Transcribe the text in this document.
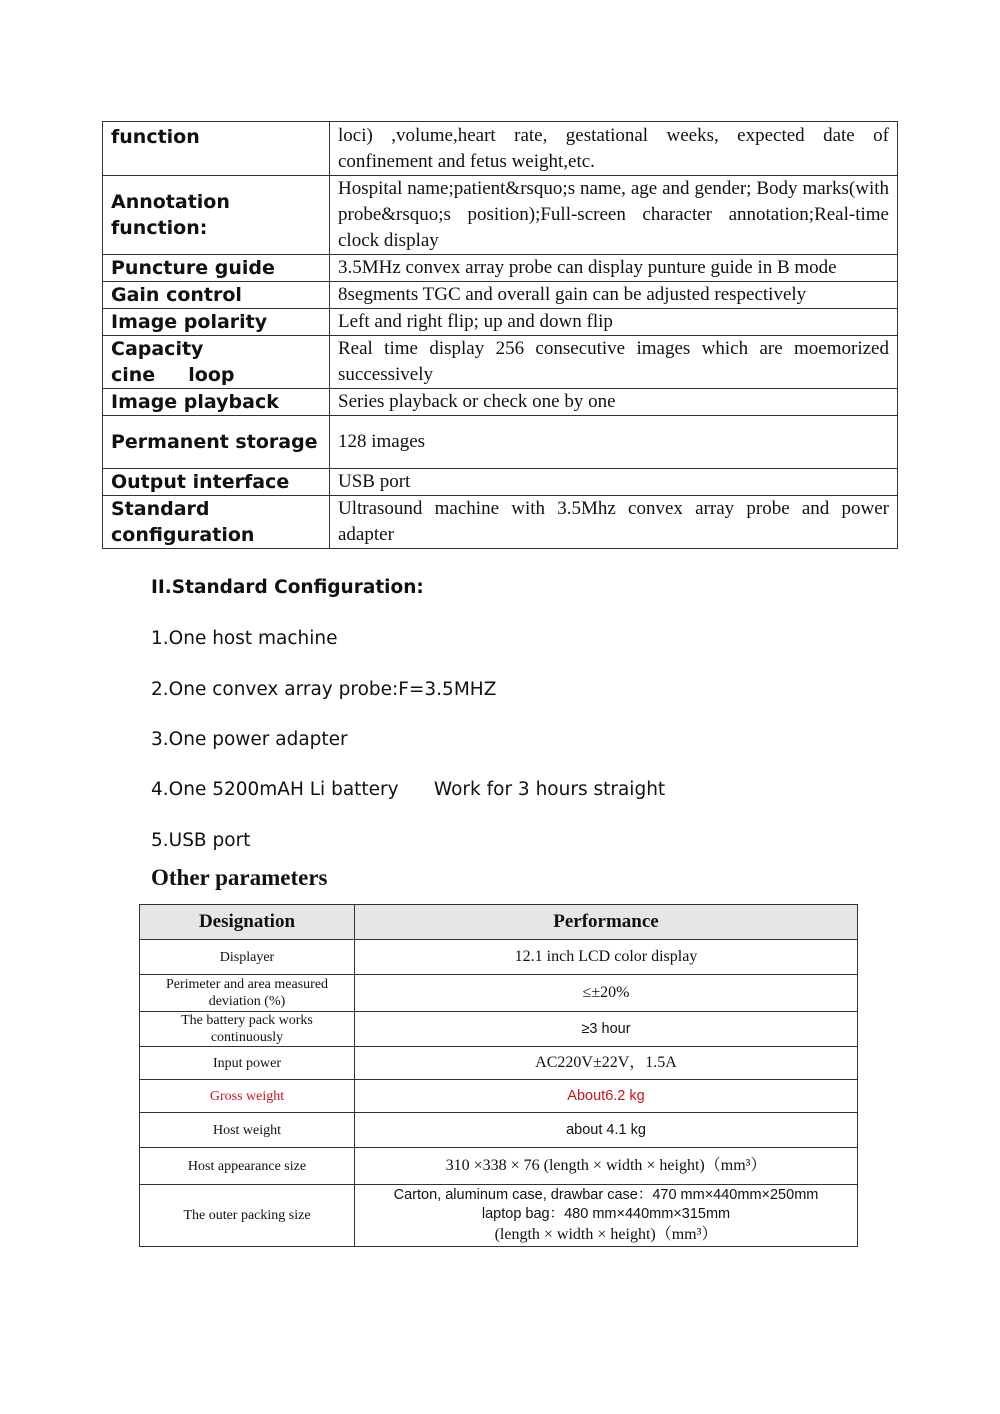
function	loci) ,volume,heart rate, gestational weeks, expected date of confinement and fetus weight,etc.
Annotation function:	Hospital name;patient&rsquo;s name, age and gender; Body marks(with probe&rsquo;s position);Full-screen character annotation;Real-time clock display
Puncture guide	3.5MHz convex array probe can display punture guide in B mode
Gain control	8segments TGC and overall gain can be adjusted respectively
Image polarity	Left and right flip; up and down flip

Capacity
cine     loop	Real time display 256 consecutive images which are moemorized successively
Image playback	Series playback or check one by one
Permanent storage	128 images
Output interface	USB port
Standard configuration	Ultrasound machine with 3.5Mhz convex array probe and power adapter
II.Standard Configuration:
1.One host machine
2.One convex array probe:F=3.5MHZ
3.One power adapter
4.One 5200mAH Li battery      Work for 3 hours straight
5.USB port
Other parameters
Designation	Performance
Displayer	12.1 inch LCD color display
Perimeter and area measured    deviation (%)	≤±20%
The battery pack works continuously	≥3 hour
Input power	AC220V±22V，1.5A
Gross weight	About6.2 kg
Host weight	about 4.1 kg
Host appearance size	310 ×338 × 76 (length × width × height)（mm³）
The outer packing size	Carton, aluminum case, drawbar case：470 mm×440mm×250mm
laptop bag：480 mm×440mm×315mm
(length × width × height)（mm³）
